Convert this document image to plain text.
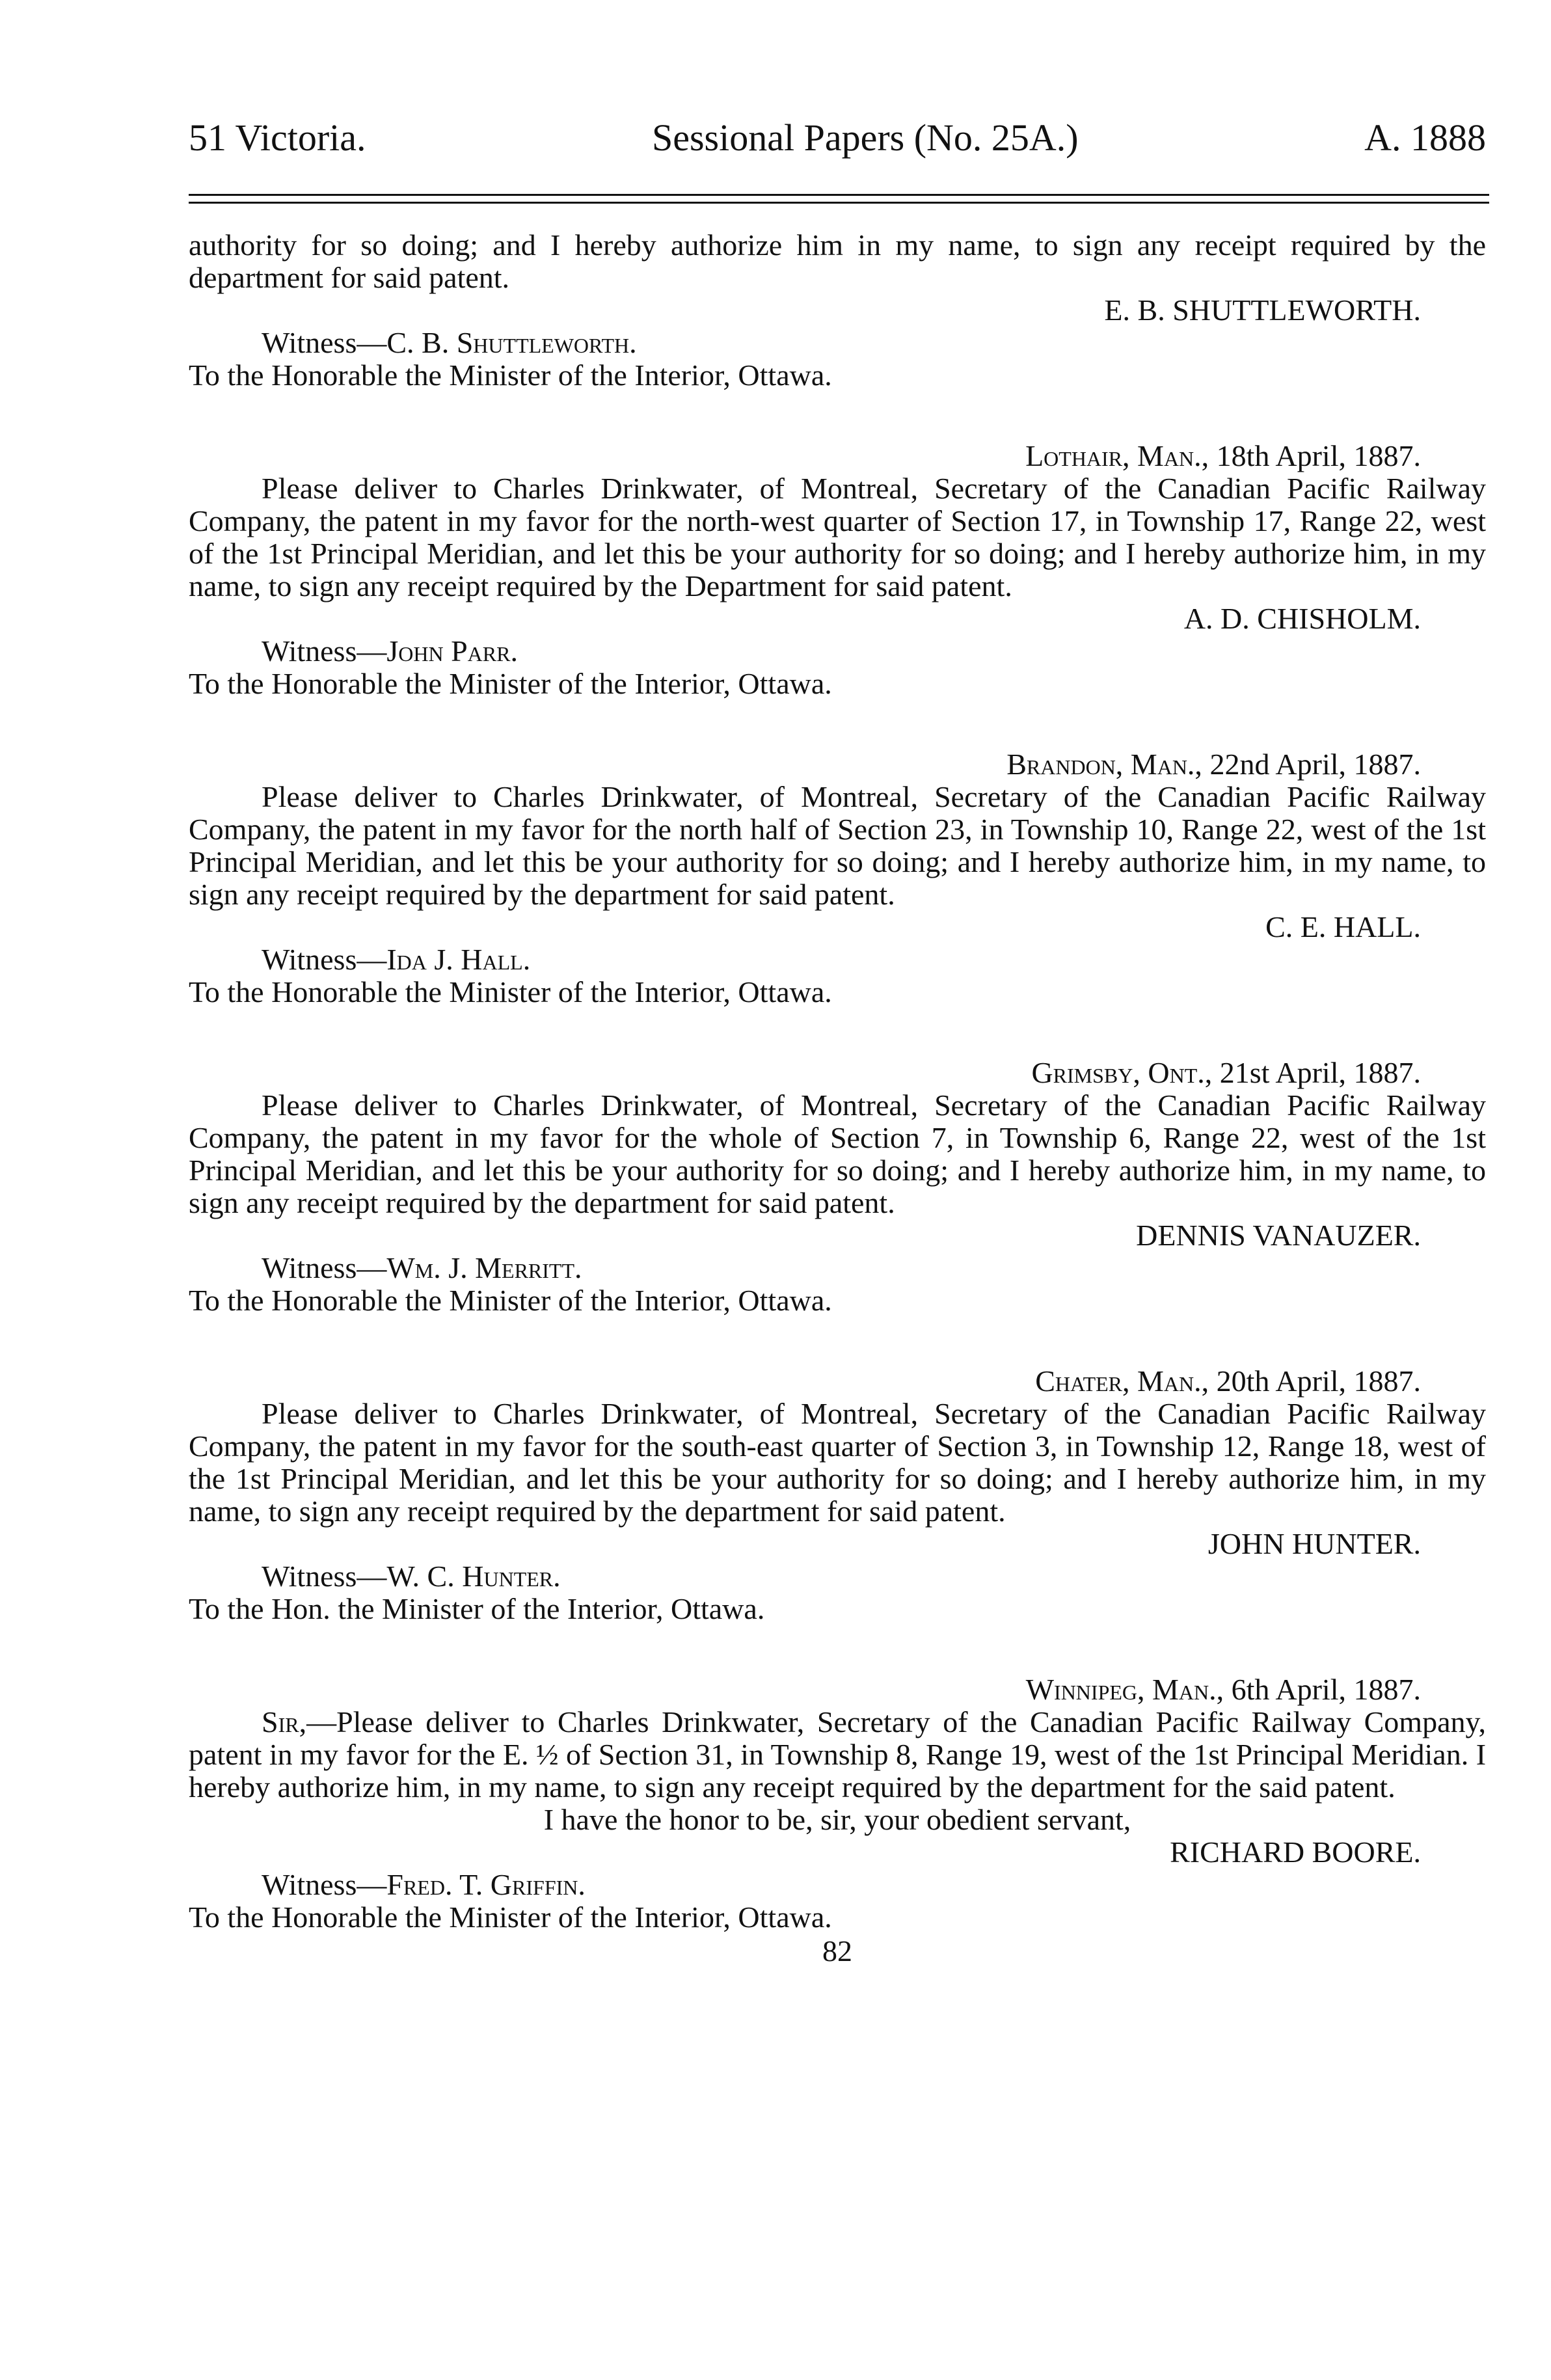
51 Victoria.	Sessional Papers (No. 25A.)	A. 1888

authority for so doing; and I hereby authorize him in my name, to sign any receipt required by the department for said patent.

E. B. SHUTTLEWORTH.
Witness—C. B. Shuttleworth.
To the Honorable the Minister of the Interior, Ottawa.
Lothair, Man., 18th April, 1887.

Please deliver to Charles Drinkwater, of Montreal, Secretary of the Canadian Pacific Railway Company, the patent in my favor for the north-west quarter of Section 17, in Township 17, Range 22, west of the 1st Principal Meridian, and let this be your authority for so doing; and I hereby authorize him, in my name, to sign any receipt required by the Department for said patent.

A. D. CHISHOLM.
Witness—John Parr.
To the Honorable the Minister of the Interior, Ottawa.
Brandon, Man., 22nd April, 1887.

Please deliver to Charles Drinkwater, of Montreal, Secretary of the Canadian Pacific Railway Company, the patent in my favor for the north half of Section 23, in Township 10, Range 22, west of the 1st Principal Meridian, and let this be your authority for so doing; and I hereby authorize him, in my name, to sign any receipt required by the department for said patent.

C. E. HALL.
Witness—Ida J. Hall.
To the Honorable the Minister of the Interior, Ottawa.
Grimsby, Ont., 21st April, 1887.

Please deliver to Charles Drinkwater, of Montreal, Secretary of the Canadian Pacific Railway Company, the patent in my favor for the whole of Section 7, in Township 6, Range 22, west of the 1st Principal Meridian, and let this be your authority for so doing; and I hereby authorize him, in my name, to sign any receipt required by the department for said patent.

DENNIS VANAUZER.
Witness—Wm. J. Merritt.
To the Honorable the Minister of the Interior, Ottawa.
Chater, Man., 20th April, 1887.

Please deliver to Charles Drinkwater, of Montreal, Secretary of the Canadian Pacific Railway Company, the patent in my favor for the south-east quarter of Section 3, in Township 12, Range 18, west of the 1st Principal Meridian, and let this be your authority for so doing; and I hereby authorize him, in my name, to sign any receipt required by the department for said patent.

JOHN HUNTER.
Witness—W. C. Hunter.
To the Hon. the Minister of the Interior, Ottawa.
Winnipeg, Man., 6th April, 1887.

Sir,—Please deliver to Charles Drinkwater, Secretary of the Canadian Pacific Railway Company, patent in my favor for the E. ½ of Section 31, in Township 8, Range 19, west of the 1st Principal Meridian. I hereby authorize him, in my name, to sign any receipt required by the department for the said patent.

I have the honor to be, sir, your obedient servant,
RICHARD BOORE.
Witness—Fred. T. Griffin.
To the Honorable the Minister of the Interior, Ottawa.
82
